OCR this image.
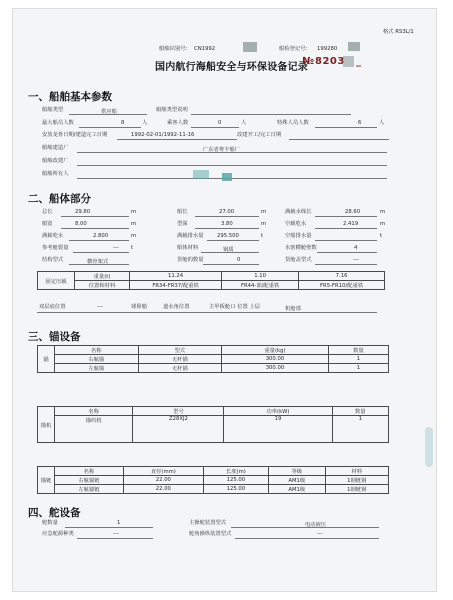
格式 RS3L/1
船舶识别号： CN1992	船检登记号： 199280
国内航行海船安全与环保设备记录
№ 8203 _
一、船舶基本参数
船舶类型	供应船	船舶类型说明
最大船员人数	8	人	乘客人数	0	人	特殊人员人数	6	人
安放龙骨日期/建造完工日期	1992-02-01/1992-11-16	改建开工/完工日期
船舶建造厂	广东省粤丰船厂
船舶改建厂
船舶所有人
二、船体部分
总长	29.80	m	船长	27.00	m	满载水线长	28.60	m
船宽	8.00	m	型深	3.80	m	空载吃水	2.419	m
满载吃水	2.800	m	满载排水量	295.500	t	空船排水量	t
参考舱裂量	--- t	船体材料	钢质	水密横舱壁数	4
结构型式	横骨架式	货舱的数量	0	货舱盖型式	---
固定压载	重量(t)	11.24	1.10	7.16
	位置和材料	FR34-FR37/配重铁	FR44-部/配重铁	FR5-FR10/配重铁
双层底位置	---	球鼻艏	道水角位置	主甲板舱口 位置 上层	机舱部
三、锚设备
锚	名称	型式	重量(kg)	数量
	右舷锚	无杆锚	300.00	1
	左舷锚	无杆锚	300.00	1
锚机	名称	型号	功率(kW)	数量
	锚绞机	Z28XJ2	19	1
锚链	名称	直径(mm)	长度(m)	等级	材料
	右舷锚链	22.00	125.00	AM1级	1钢链钢
	左舷锚链	22.00	125.00	AM1级	1钢链钢
四、舵设备
舵数量	1	主操舵装置型式	电动液压
应急舵源种类	---	舵角操纵装置型式	---
